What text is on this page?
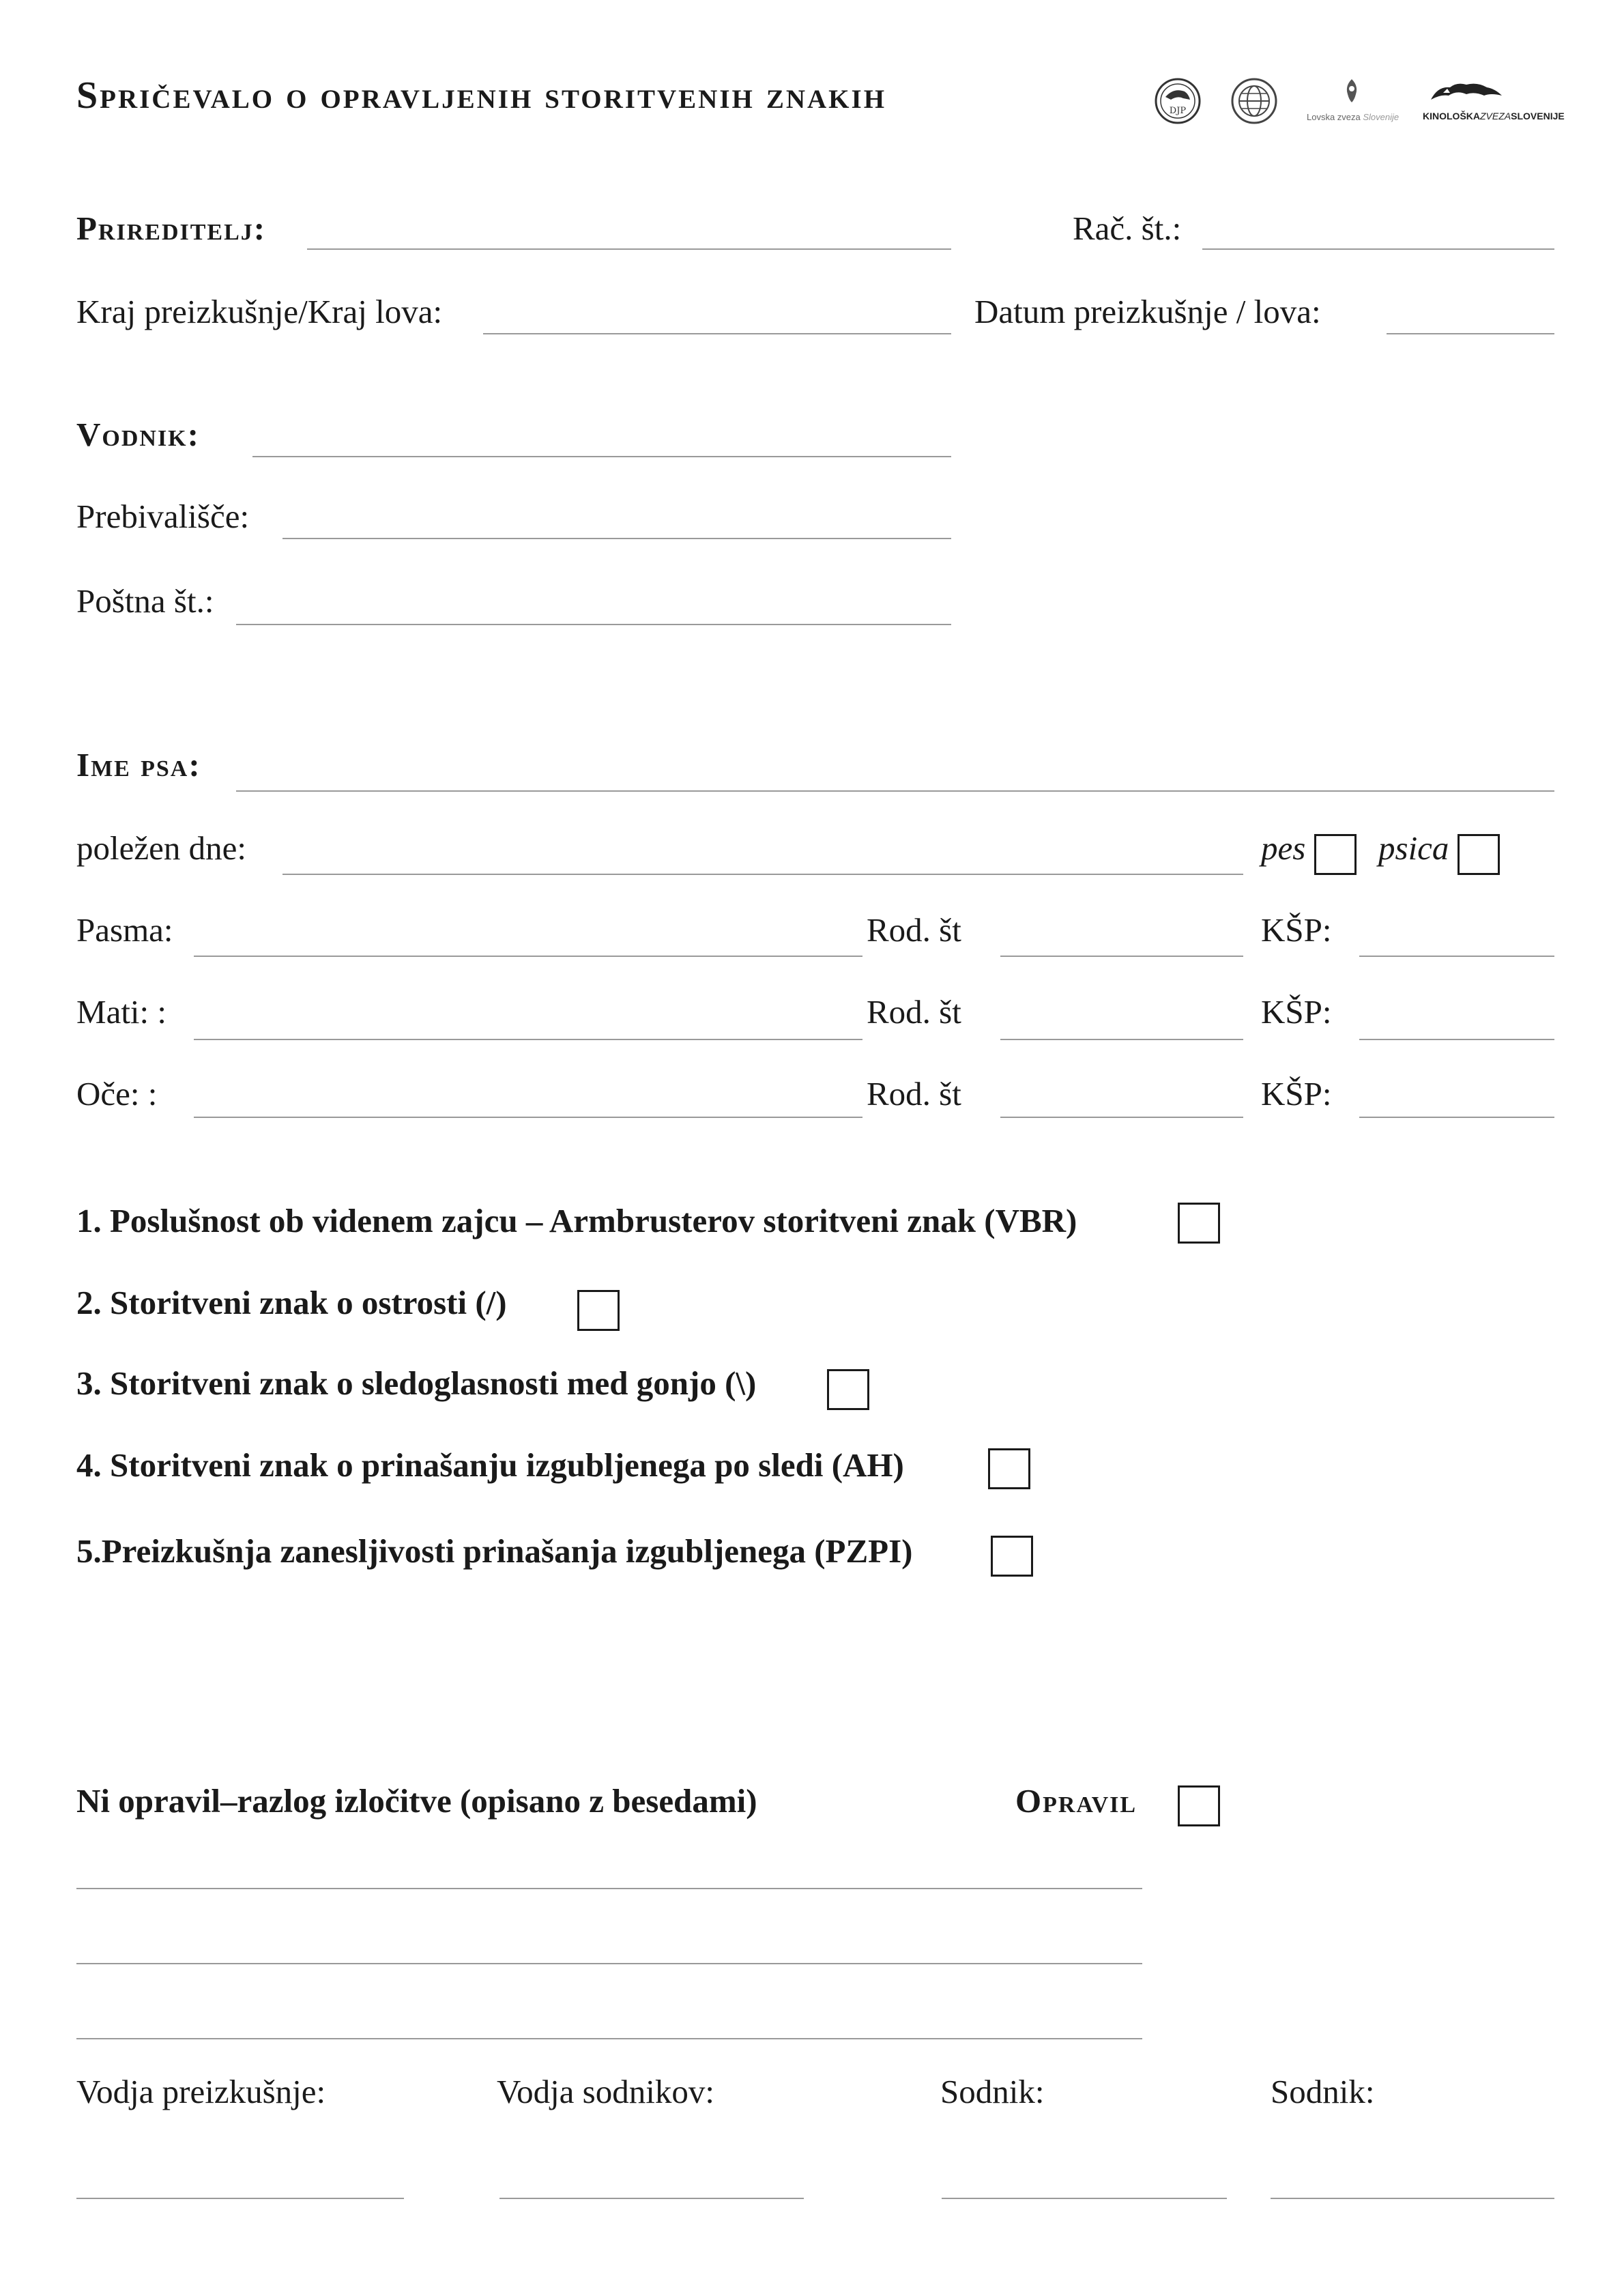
Spričevalo o opravljenih storitvenih znakih	DJP
Lovska zveza Slovenije KINOLOŠKAZVEZASLOVENIJE
Prireditelj:	Rač. št.:
Kraj preizkušnje/Kraj lova:	Datum preizkušnje / lova:
Vodnik:
Prebivališče:
Poštna št.:
Ime psa:
poležen dne:	pes psica
Pasma:	Rod. št	KŠP:
Mati: :	Rod. št	KŠP:
Oče: :	Rod. št	KŠP:
1. Poslušnost ob videnem zajcu – Armbrusterov storitveni znak (VBR)
2. Storitveni znak o ostrosti (/)
3. Storitveni znak o sledoglasnosti med gonjo (\)
4. Storitveni znak o prinašanju izgubljenega po sledi (AH)
5.Preizkušnja zanesljivosti prinašanja izgubljenega (PZPI)
Ni opravil–razlog izločitve (opisano z besedami)	Opravil
Vodja preizkušnje:	Vodja sodnikov:	Sodnik:	Sodnik:
